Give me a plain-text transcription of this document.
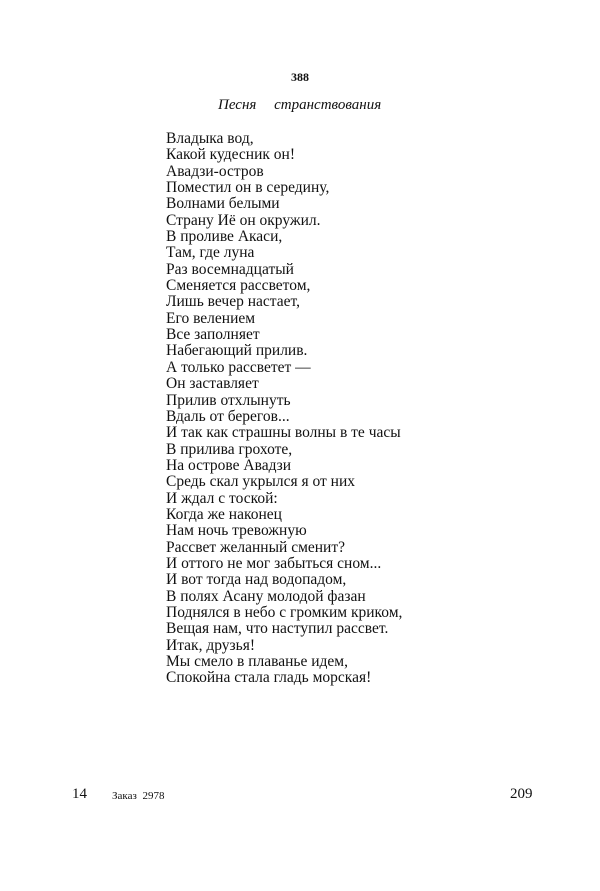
388
Песня странствования
Владыка вод,
Какой кудесник он!
Авадзи-остров
Поместил он в середину,
Волнами белыми
Страну Иё он окружил.
В проливе Акаси,
Там, где луна
Раз восемнадцатый
Сменяется рассветом,
Лишь вечер настает,
Его велением
Все заполняет
Набегающий прилив.
А только рассветет —
Он заставляет
Прилив отхлынуть
Вдаль от берегов...
И так как страшны волны в те часы
В прилива грохоте,
На острове Авадзи
Средь скал укрылся я от них
И ждал с тоской:
Когда же наконец
Нам ночь тревожную
Рассвет желанный сменит?
И оттого не мог забыться сном...
И вот тогда над водопадом,
В полях Асану молодой фазан
Поднялся в небо с громким криком,
Вещая нам, что наступил рассвет.
Итак, друзья!
Мы смело в плаванье идем,
Спокойна стала гладь морская!
14 Заказ 2978	209
